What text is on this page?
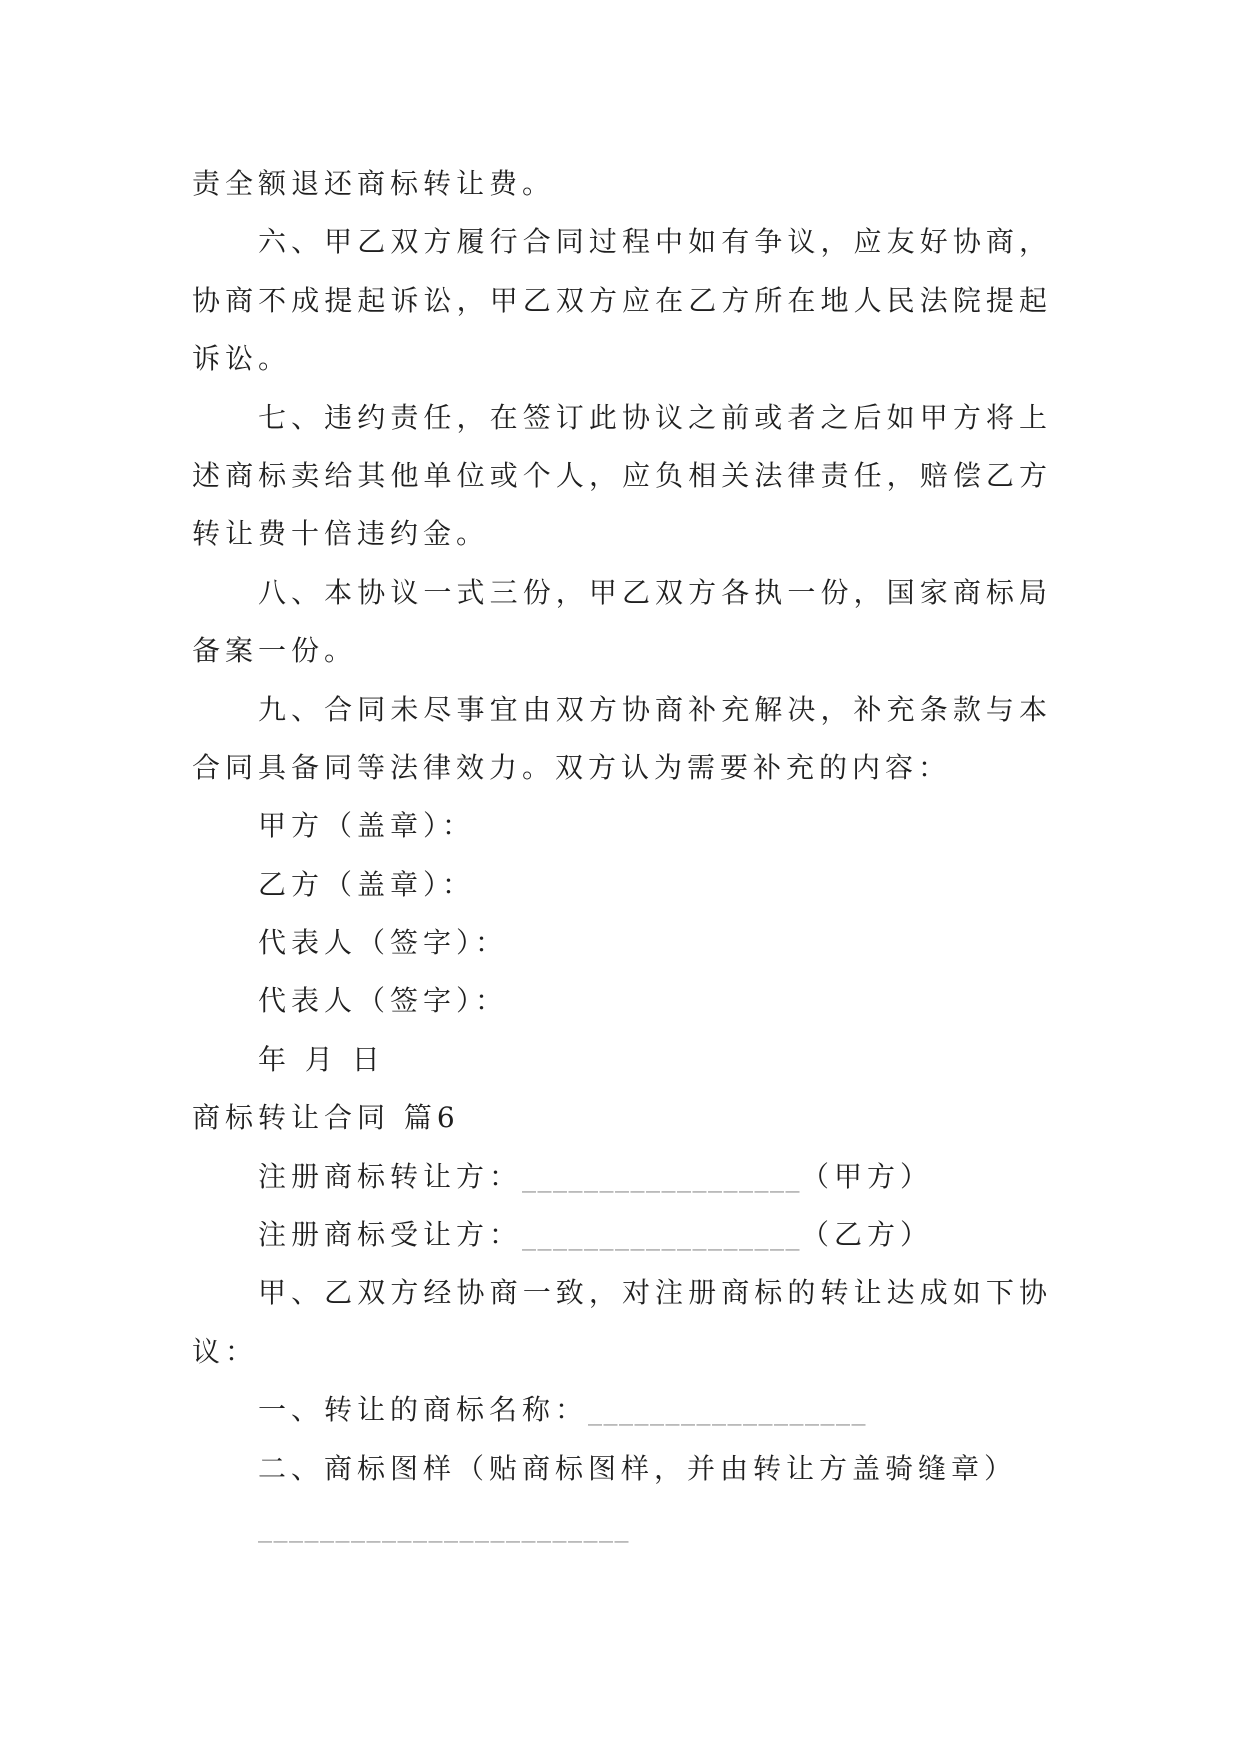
责全额退还商标转让费。
六、甲乙双方履行合同过程中如有争议，应友好协商，
协商不成提起诉讼，甲乙双方应在乙方所在地人民法院提起
诉讼。
七、违约责任，在签订此协议之前或者之后如甲方将上
述商标卖给其他单位或个人，应负相关法律责任，赔偿乙方
转让费十倍违约金。
八、本协议一式三份，甲乙双方各执一份，国家商标局
备案一份。
九、合同未尽事宜由双方协商补充解决，补充条款与本
合同具备同等法律效力。双方认为需要补充的内容：
甲方（盖章）：
乙方（盖章）：
代表人（签字）：
代表人（签字）：
年 月 日
商标转让合同 篇6
注册商标转让方：__________________（甲方）
注册商标受让方：__________________（乙方）
甲、乙双方经协商一致，对注册商标的转让达成如下协
议：
一、转让的商标名称：__________________
二、商标图样（贴商标图样，并由转让方盖骑缝章）
________________________
